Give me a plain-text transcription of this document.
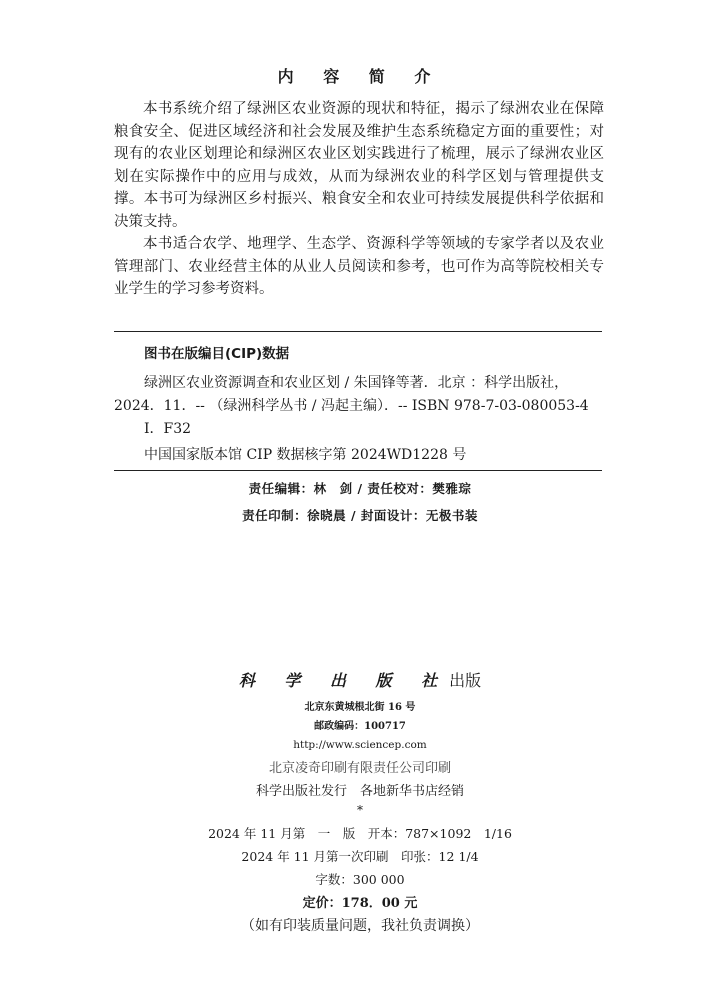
内 容 简 介

本书系统介绍了绿洲区农业资源的现状和特征，揭示了绿洲农业在保障粮食安全、促进区域经济和社会发展及维护生态系统稳定方面的重要性；对现有的农业区划理论和绿洲区农业区划实践进行了梳理，展示了绿洲农业区划在实际操作中的应用与成效，从而为绿洲农业的科学区划与管理提供支撑。本书可为绿洲区乡村振兴、粮食安全和农业可持续发展提供科学依据和决策支持。

本书适合农学、地理学、生态学、资源科学等领域的专家学者以及农业管理部门、农业经营主体的从业人员阅读和参考，也可作为高等院校相关专业学生的学习参考资料。

图书在版编目(CIP)数据
绿洲区农业资源调查和农业区划 / 朱国锋等著．北京 ：科学出版社，
2024．11．-- （绿洲科学丛书 / 冯起主编）．-- ISBN 978-7-03-080053-4
Ⅰ．F32
中国国家版本馆 CIP 数据核字第 2024WD1228 号
责任编辑：林　剑 / 责任校对：樊雅琮
责任印制：徐晓晨 / 封面设计：无极书装
科 学 出 版 社出版
北京东黄城根北街 16 号
邮政编码：100717
http://www.sciencep.com
北京凌奇印刷有限责任公司印刷
科学出版社发行　各地新华书店经销
*
2024 年 11 月第　一　版　开本：787×1092　1/16
2024 年 11 月第一次印刷　印张：12 1/4
字数：300 000
定价：178．00 元
（如有印装质量问题，我社负责调换）
